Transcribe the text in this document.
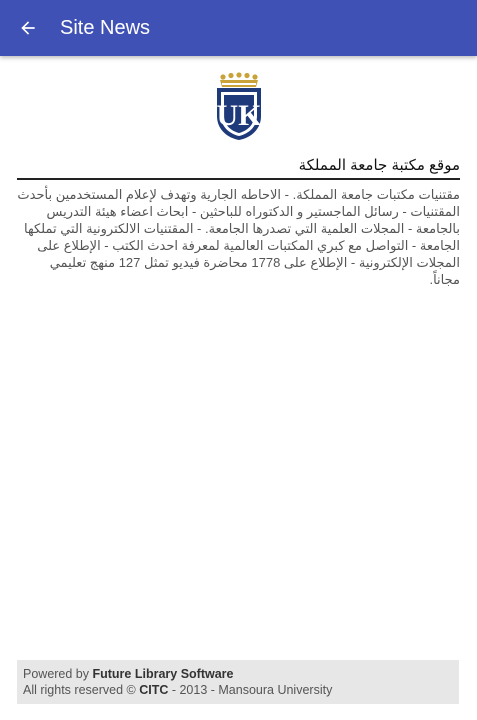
Site News
UK
موقع مكتبة جامعة المملكة
مقتنيات مكتبات جامعة المملكة. - الاحاطه الجارية وتهدف لإعلام المستخدمين بأحدث المقتنيات - رسائل الماجستير و الدكتوراه للباحثين - ابحاث اعضاء هيئة التدريس بالجامعة - المجلات العلمية التي تصدرها الجامعة. - المقتنيات الالكترونية التي تملكها الجامعة - التواصل مع كبري المكتبات العالمية لمعرفة احدث الكتب - الإطلاع على المجلات الإلكترونية - الإطلاع على 1778 محاضرة فيديو تمثل 127 منهج تعليمي مجاناً.
Powered by Future Library Software
All rights reserved © CITC - 2013 - Mansoura University
